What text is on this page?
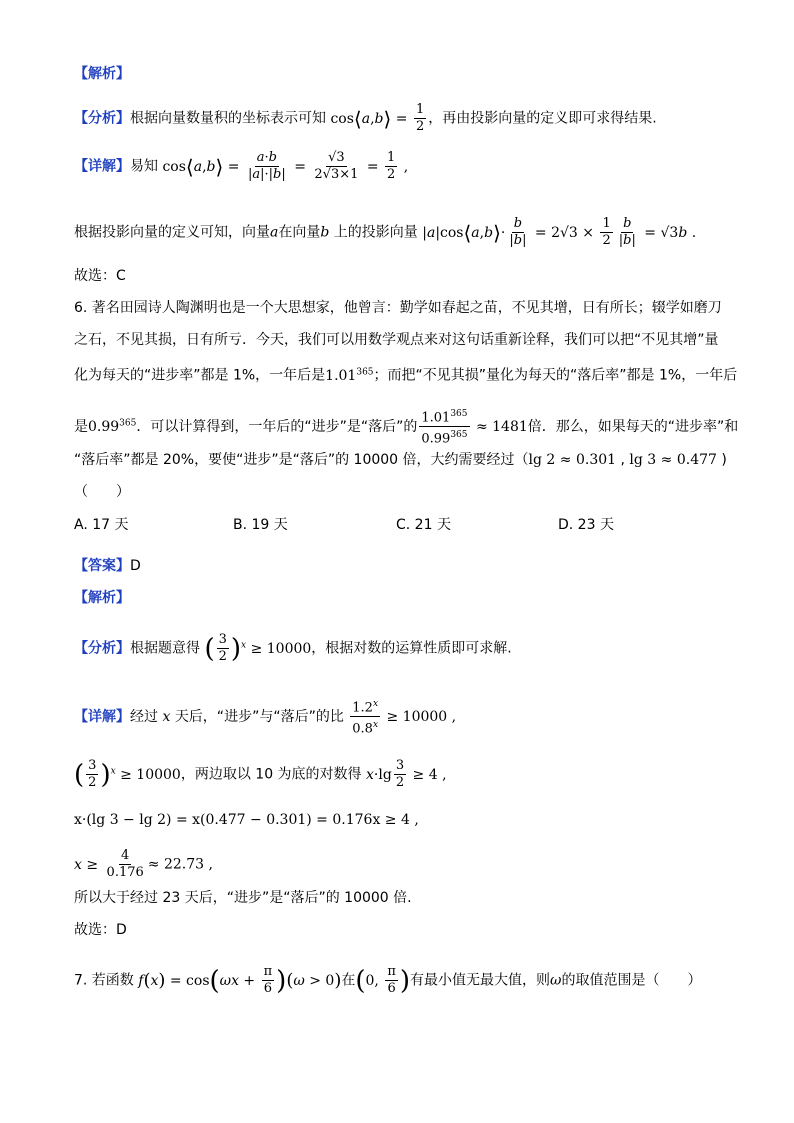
【解析】
【分析】根据向量数量积的坐标表示可知 cos⟨a,b⟩ = $\frac{1}{2}$ ，再由投影向量的定义即可求得结果.
【详解】易知 cos⟨a,b⟩ = $\frac{a\cdot b}{|a|\cdot|b|} = \frac{√3}{2√3\times 1} = \frac{1}{2}$ ,
根据投影向量的定义可知，向量a在向量b 上的投影向量 |a|cos⟨a,b⟩· $\frac{b}{|b|} = 2√3 \times \frac{1}{2} \frac{b}{|b|} = √3b$ .
故选：C
6. 著名田园诗人陶渊明也是一个大思想家，他曾言：勤学如春起之苗，不见其增，日有所长；辍学如磨刀
之石，不见其损，日有所亏．今天，我们可以用数学观点来对这句话重新诠释，我们可以把“不见其增”量
化为每天的“进步率”都是 1%，一年后是1.01$^{365}$；而把“不见其损”量化为每天的“落后率”都是 1%，一年后
是0.99$^{365}$．可以计算得到，一年后的“进步”是“落后”的 $\frac{1.01^{365}}{0.99^{365}} \approx 1481$倍．那么，如果每天的“进步率”和
“落后率”都是 20%，要使“进步”是“落后”的 10000 倍，大约需要经过（lg 2 ≈ 0.301 , lg 3 ≈ 0.477 )
（　　）
A. 17 天	B. 19 天	C. 21 天	D. 23 天
【答案】D
【解析】
【分析】根据题意得 ( $\frac{3}{2} )^x \ge 10000$，根据对数的运算性质即可求解.
【详解】经过 x 天后，“进步”与“落后”的比 $\frac{1.2^x}{0.8^x} \ge 10000$ ,
( $\frac{3}{2} )^x \ge 10000$，两边取以 10 为底的对数得 $x\cdot\lg \frac{3}{2} \ge 4$ ,
x·(lg 3 − lg 2) = x(0.477 − 0.301) = 0.176x ≥ 4 ,
$x \ge \frac{4}{0.176} \approx 22.73$ ,
所以大于经过 23 天后，“进步”是“落后”的 10000 倍.
故选：D
7. 若函数 $f(x) = \cos(\omega x + \frac{\pi}{6} )(\omega > 0)$在(0, $\frac{\pi}{6}$ )有最小值无最大值，则ω的取值范围是（　　）
